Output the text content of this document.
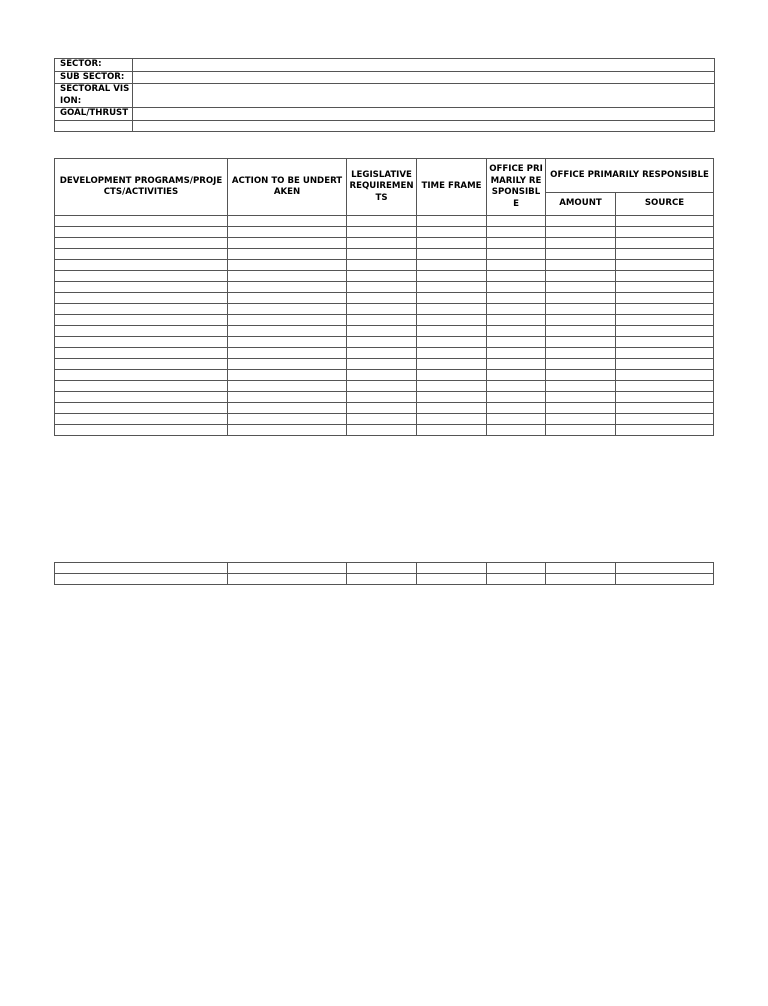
SECTOR:	
SUB SECTOR:	
SECTORAL VISION:	
GOAL/THRUST	

DEVELOPMENT PROGRAMS/PROJECTS/ACTIVITIES	ACTION TO BE UNDERTAKEN	LEGISLATIVE REQUIREMENTS	TIME FRAME	OFFICE PRIMARILY RESPONSIBLE	OFFICE PRIMARILY RESPONSIBLE	
					AMOUNT	SOURCE
